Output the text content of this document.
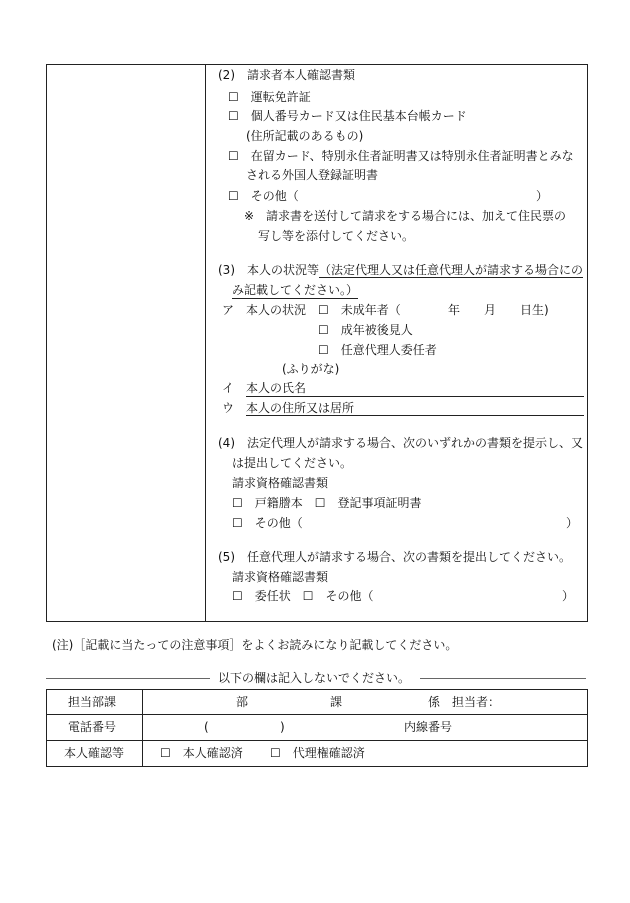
(2)　請求者本人確認書類
☐　運転免許証
☐　個人番号カード又は住民基本台帳カード
(住所記載のあるもの)
☐　在留カード、特別永住者証明書又は特別永住者証明書とみな
される外国人登録証明書
☐　その他（	）
※　請求書を送付して請求をする場合には、加えて住民票の
写し等を添付してください。
(3)　本人の状況等（法定代理人又は任意代理人が請求する場合にの
み記載してください。）
ア　本人の状況 ☐　未成年者（	年 月 日生)
☐　成年被後見人
☐　任意代理人委任者
(ふりがな)
イ 本人の氏名
ウ 本人の住所又は居所
(4)　法定代理人が請求する場合、次のいずれかの書類を提示し、又
は提出してください。
請求資格確認書類
☐　戸籍謄本　☐　登記事項証明書
☐　その他（	）
(5)　任意代理人が請求する場合、次の書類を提出してください。
請求資格確認書類
☐　委任状　☐　その他（	）
(注)［記載に当たっての注意事項］をよくお読みになり記載してください。
以下の欄は記入しないでください。
担当部課	部	課	係 担当者：
電話番号	(	)	内線番号
本人確認等	☐　本人確認済 ☐　代理権確認済
